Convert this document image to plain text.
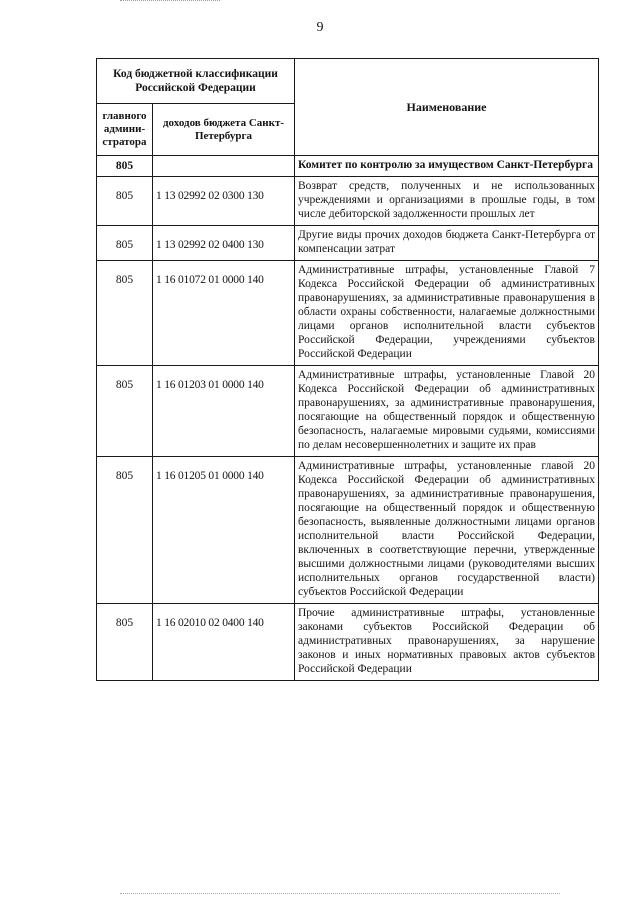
9
Код бюджетной классификации Российской Федерации		Наименование
главного админи-стратора	доходов бюджета Санкт-Петербурга	
805		Комитет по контролю за имуществом Санкт-Петербурга
805	1 13 02992 02 0300 130	Возврат средств, полученных и не использованных учреждениями и организациями в прошлые годы, в том числе дебиторской задолженности прошлых лет
805	1 13 02992 02 0400 130	Другие виды прочих доходов бюджета Санкт-Петербурга от компенсации затрат
805	1 16 01072 01 0000 140	Административные штрафы, установленные Главой 7 Кодекса Российской Федерации об административных правонарушениях, за административные правонарушения в области охраны собственности, налагаемые должностными лицами органов исполнительной власти субъектов Российской Федерации, учреждениями субъектов Российской Федерации
805	1 16 01203 01 0000 140	Административные штрафы, установленные Главой 20 Кодекса Российской Федерации об административных правонарушениях, за административные правонарушения, посягающие на общественный порядок и общественную безопасность, налагаемые мировыми судьями, комиссиями по делам несовершеннолетних и защите их прав
805	1 16 01205 01 0000 140	Административные штрафы, установленные главой 20 Кодекса Российской Федерации об административных правонарушениях, за административные правонарушения, посягающие на общественный порядок и общественную безопасность, выявленные должностными лицами органов исполнительной власти Российской Федерации, включенных в соответствующие перечни, утвержденные высшими должностными лицами (руководителями высших исполнительных органов государственной власти) субъектов Российской Федерации
805	1 16 02010 02 0400 140	Прочие административные штрафы, установленные законами субъектов Российской Федерации об административных правонарушениях, за нарушение законов и иных нормативных правовых актов субъектов Российской Федерации
